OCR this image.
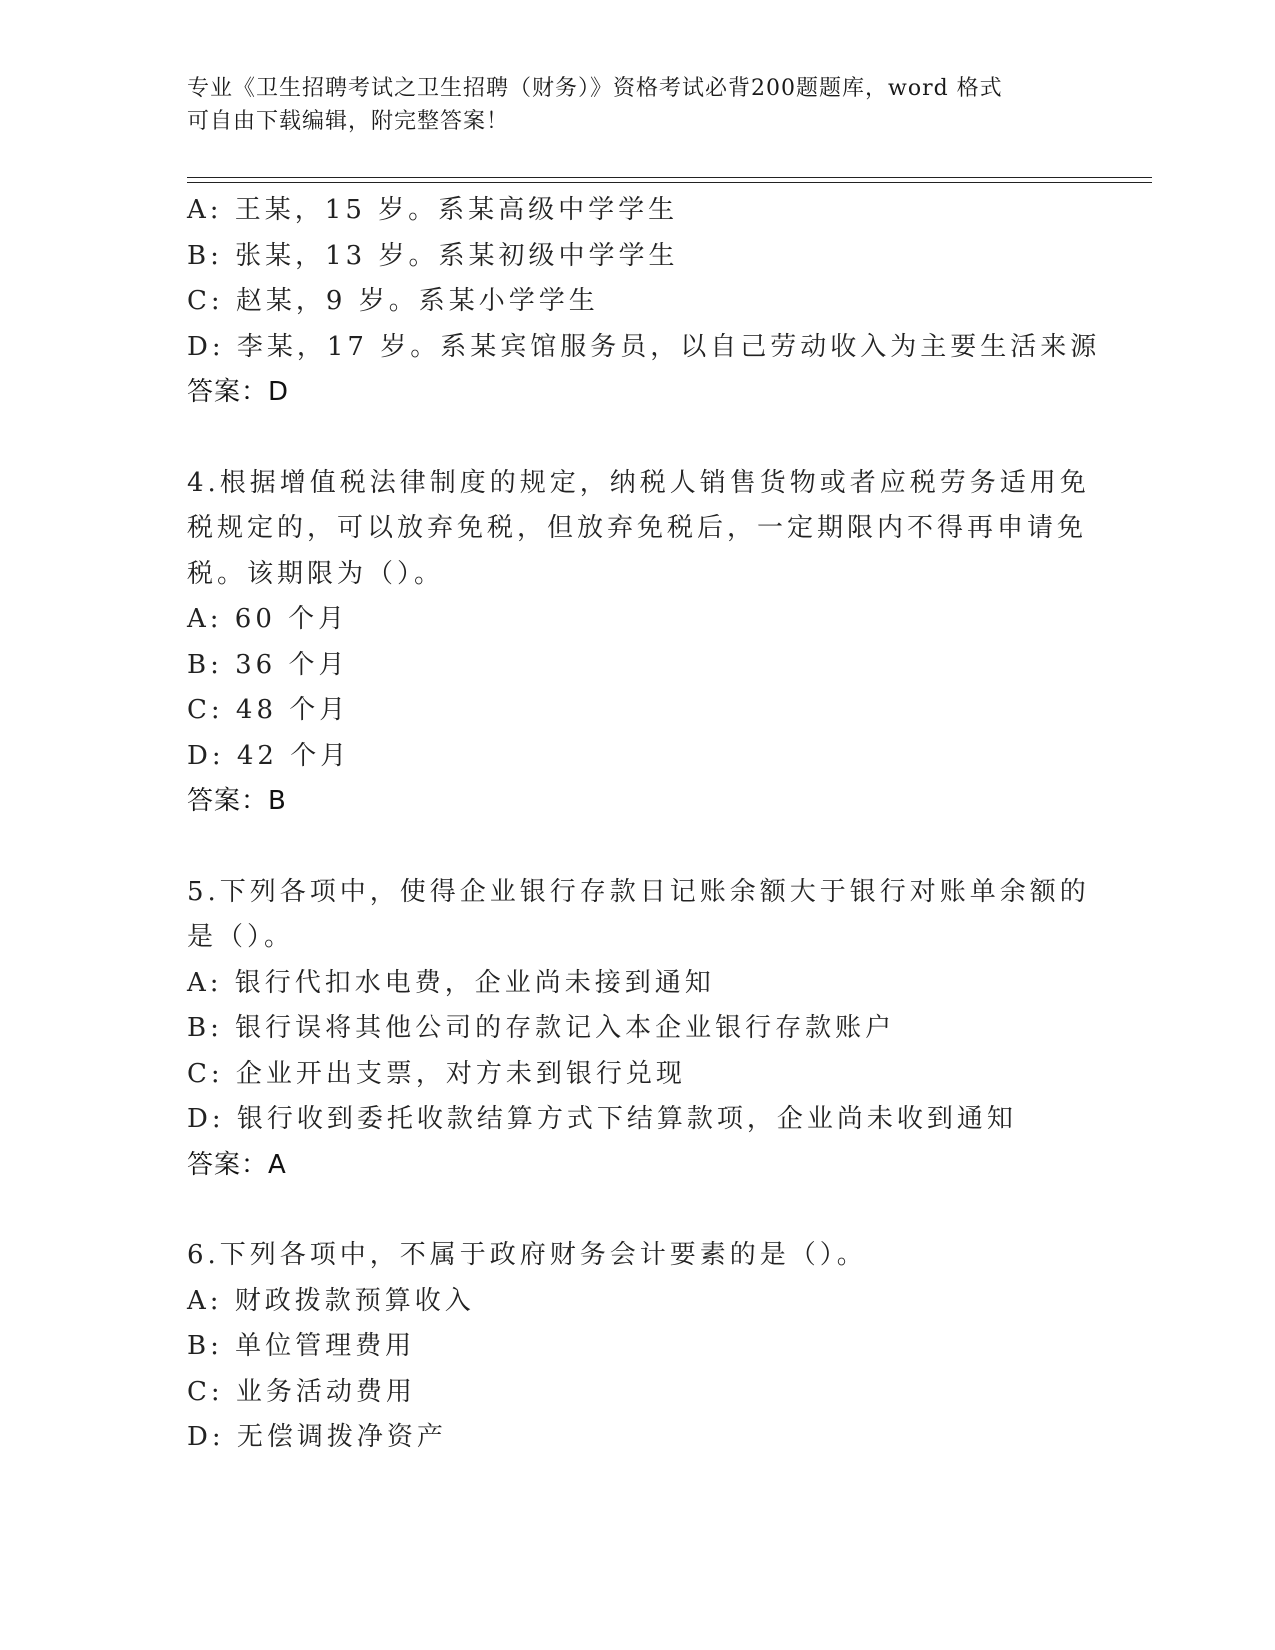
专业《卫生招聘考试之卫生招聘（财务）》资格考试必背200题题库，word 格式
可自由下载编辑，附完整答案！
A: 王某，15 岁。系某高级中学学生
B: 张某，13 岁。系某初级中学学生
C: 赵某，9 岁。系某小学学生
D: 李某，17 岁。系某宾馆服务员，以自己劳动收入为主要生活来源
答案：D
4.根据增值税法律制度的规定，纳税人销售货物或者应税劳务适用免
税规定的，可以放弃免税，但放弃免税后，一定期限内不得再申请免
税。该期限为（）。
A: 60 个月
B: 36 个月
C: 48 个月
D: 42 个月
答案：B
5.下列各项中，使得企业银行存款日记账余额大于银行对账单余额的
是（）。
A: 银行代扣水电费，企业尚未接到通知
B: 银行误将其他公司的存款记入本企业银行存款账户
C: 企业开出支票，对方未到银行兑现
D: 银行收到委托收款结算方式下结算款项，企业尚未收到通知
答案：A
6.下列各项中，不属于政府财务会计要素的是（）。
A: 财政拨款预算收入
B: 单位管理费用
C: 业务活动费用
D: 无偿调拨净资产
